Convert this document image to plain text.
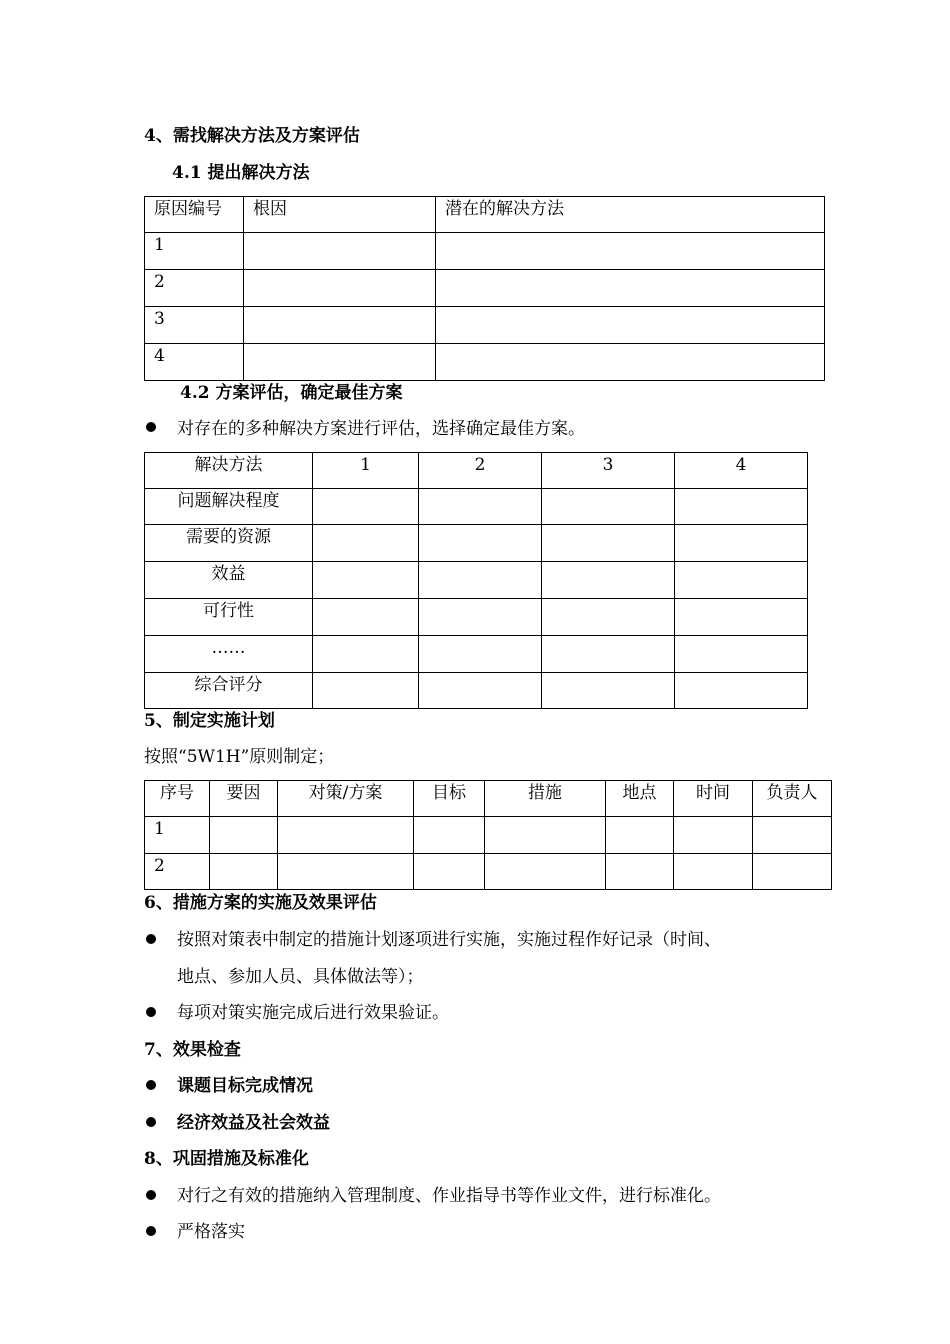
4、需找解决方法及方案评估
4.1 提出解决方法
原因编号	根因	潜在的解决方法
1		
2		
3		
4		
4.2 方案评估，确定最佳方案
对存在的多种解决方案进行评估，选择确定最佳方案。
解决方法	1	2	3	4
问题解决程度				
需要的资源				
效益				
可行性				
……				
综合评分				
5、制定实施计划
按照“5W1H”原则制定；
序号	要因	对策/方案	目标	措施	地点	时间	负责人
1							
2							
6、措施方案的实施及效果评估
按照对策表中制定的措施计划逐项进行实施，实施过程作好记录（时间、
地点、参加人员、具体做法等）；
每项对策实施完成后进行效果验证。
7、效果检查
课题目标完成情况
经济效益及社会效益
8、巩固措施及标准化
对行之有效的措施纳入管理制度、作业指导书等作业文件，进行标准化。
严格落实
